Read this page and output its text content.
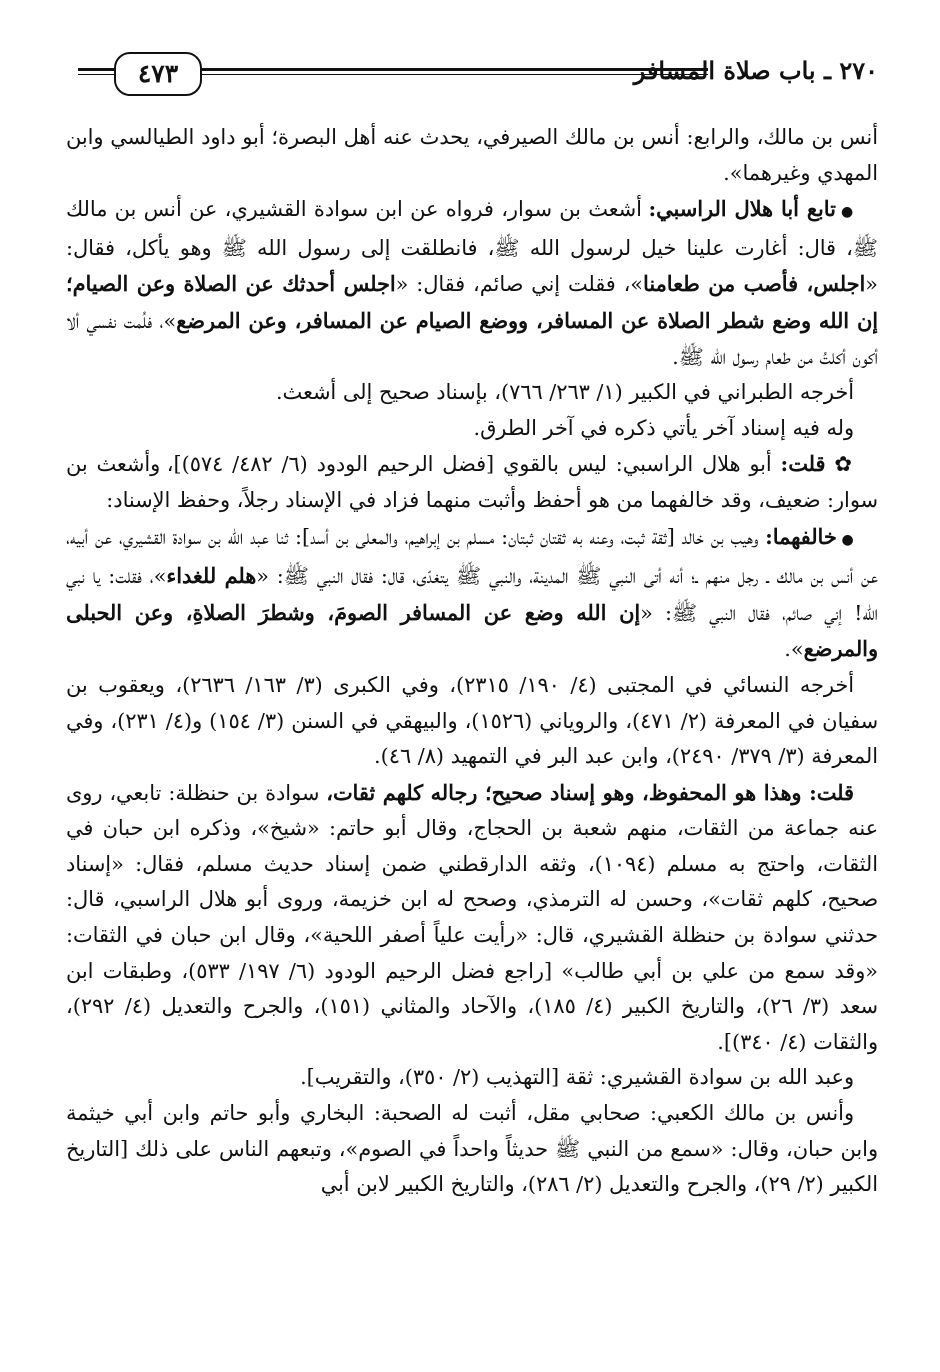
٢٧٠ ـ باب صلاة المسافر
٤٧٣

أنس بن مالك، والرابع: أنس بن مالك الصيرفي، يحدث عنه أهل البصرة؛ أبو داود الطيالسي وابن المهدي وغيرهما».

● تابع أبا هلال الراسبي: أشعث بن سوار، فرواه عن ابن سوادة القشيري، عن أنس بن مالك ﷺ، قال: أغارت علينا خيل لرسول الله ﷺ، فانطلقت إلى رسول الله ﷺ وهو يأكل، فقال: «اجلس، فأصب من طعامنا»، فقلت إني صائم، فقال: «اجلس أحدثك عن الصلاة وعن الصيام؛ إن الله وضع شطر الصلاة عن المسافر، ووضع الصيام عن المسافر، وعن المرضع»، فلُمت نفسي ألا أكون أكلتُ من طعام رسول الله ﷺ.

أخرجه الطبراني في الكبير (١/ ٢٦٣/ ٧٦٦)، بإسناد صحيح إلى أشعث.

وله فيه إسناد آخر يأتي ذكره في آخر الطرق.

✿ قلت: أبو هلال الراسبي: ليس بالقوي [فضل الرحيم الودود (٦/ ٤٨٢/ ٥٧٤)]، وأشعث بن سوار: ضعيف، وقد خالفهما من هو أحفظ وأثبت منهما فزاد في الإسناد رجلاً، وحفظ الإسناد:

● خالفهما: وهيب بن خالد [ثقة ثبت، وعنه به ثقتان ثبتان: مسلم بن إبراهيم، والمعلى بن أسد]: ثنا عبد الله بن سوادة القشيري، عن أبيه، عن أنس بن مالك ـ رجل منهم ـ؛ أنه أتى النبي ﷺ المدينة، والنبي ﷺ يتغدّى، قال: فقال النبي ﷺ: «هلم للغداء»، فقلت: يا نبي الله! إني صائم، فقال النبي ﷺ: «إن الله وضع عن المسافر الصومَ، وشطرَ الصلاةِ، وعن الحبلى والمرضع».

أخرجه النسائي في المجتبى (٤/ ١٩٠/ ٢٣١٥)، وفي الكبرى (٣/ ١٦٣/ ٢٦٣٦)، ويعقوب بن سفيان في المعرفة (٢/ ٤٧١)، والروياني (١٥٢٦)، والبيهقي في السنن (٣/ ١٥٤) و(٤/ ٢٣١)، وفي المعرفة (٣/ ٣٧٩/ ٢٤٩٠)، وابن عبد البر في التمهيد (٨/ ٤٦).

قلت: وهذا هو المحفوظ، وهو إسناد صحيح؛ رجاله كلهم ثقات، سوادة بن حنظلة: تابعي، روى عنه جماعة من الثقات، منهم شعبة بن الحجاج، وقال أبو حاتم: «شيخ»، وذكره ابن حبان في الثقات، واحتج به مسلم (١٠٩٤)، وثقه الدارقطني ضمن إسناد حديث مسلم، فقال: «إسناد صحيح، كلهم ثقات»، وحسن له الترمذي، وصحح له ابن خزيمة، وروى أبو هلال الراسبي، قال: حدثني سوادة بن حنظلة القشيري، قال: «رأيت علياً أصفر اللحية»، وقال ابن حبان في الثقات: «وقد سمع من علي بن أبي طالب» [راجع فضل الرحيم الودود (٦/ ١٩٧/ ٥٣٣)، وطبقات ابن سعد (٣/ ٢٦)، والتاريخ الكبير (٤/ ١٨٥)، والآحاد والمثاني (١٥١)، والجرح والتعديل (٤/ ٢٩٢)، والثقات (٤/ ٣٤٠)].

وعبد الله بن سوادة القشيري: ثقة [التهذيب (٢/ ٣٥٠)، والتقريب].

وأنس بن مالك الكعبي: صحابي مقل، أثبت له الصحبة: البخاري وأبو حاتم وابن أبي خيثمة وابن حبان، وقال: «سمع من النبي ﷺ حديثاً واحداً في الصوم»، وتبعهم الناس على ذلك [التاريخ الكبير (٢/ ٢٩)، والجرح والتعديل (٢/ ٢٨٦)، والتاريخ الكبير لابن أبي
